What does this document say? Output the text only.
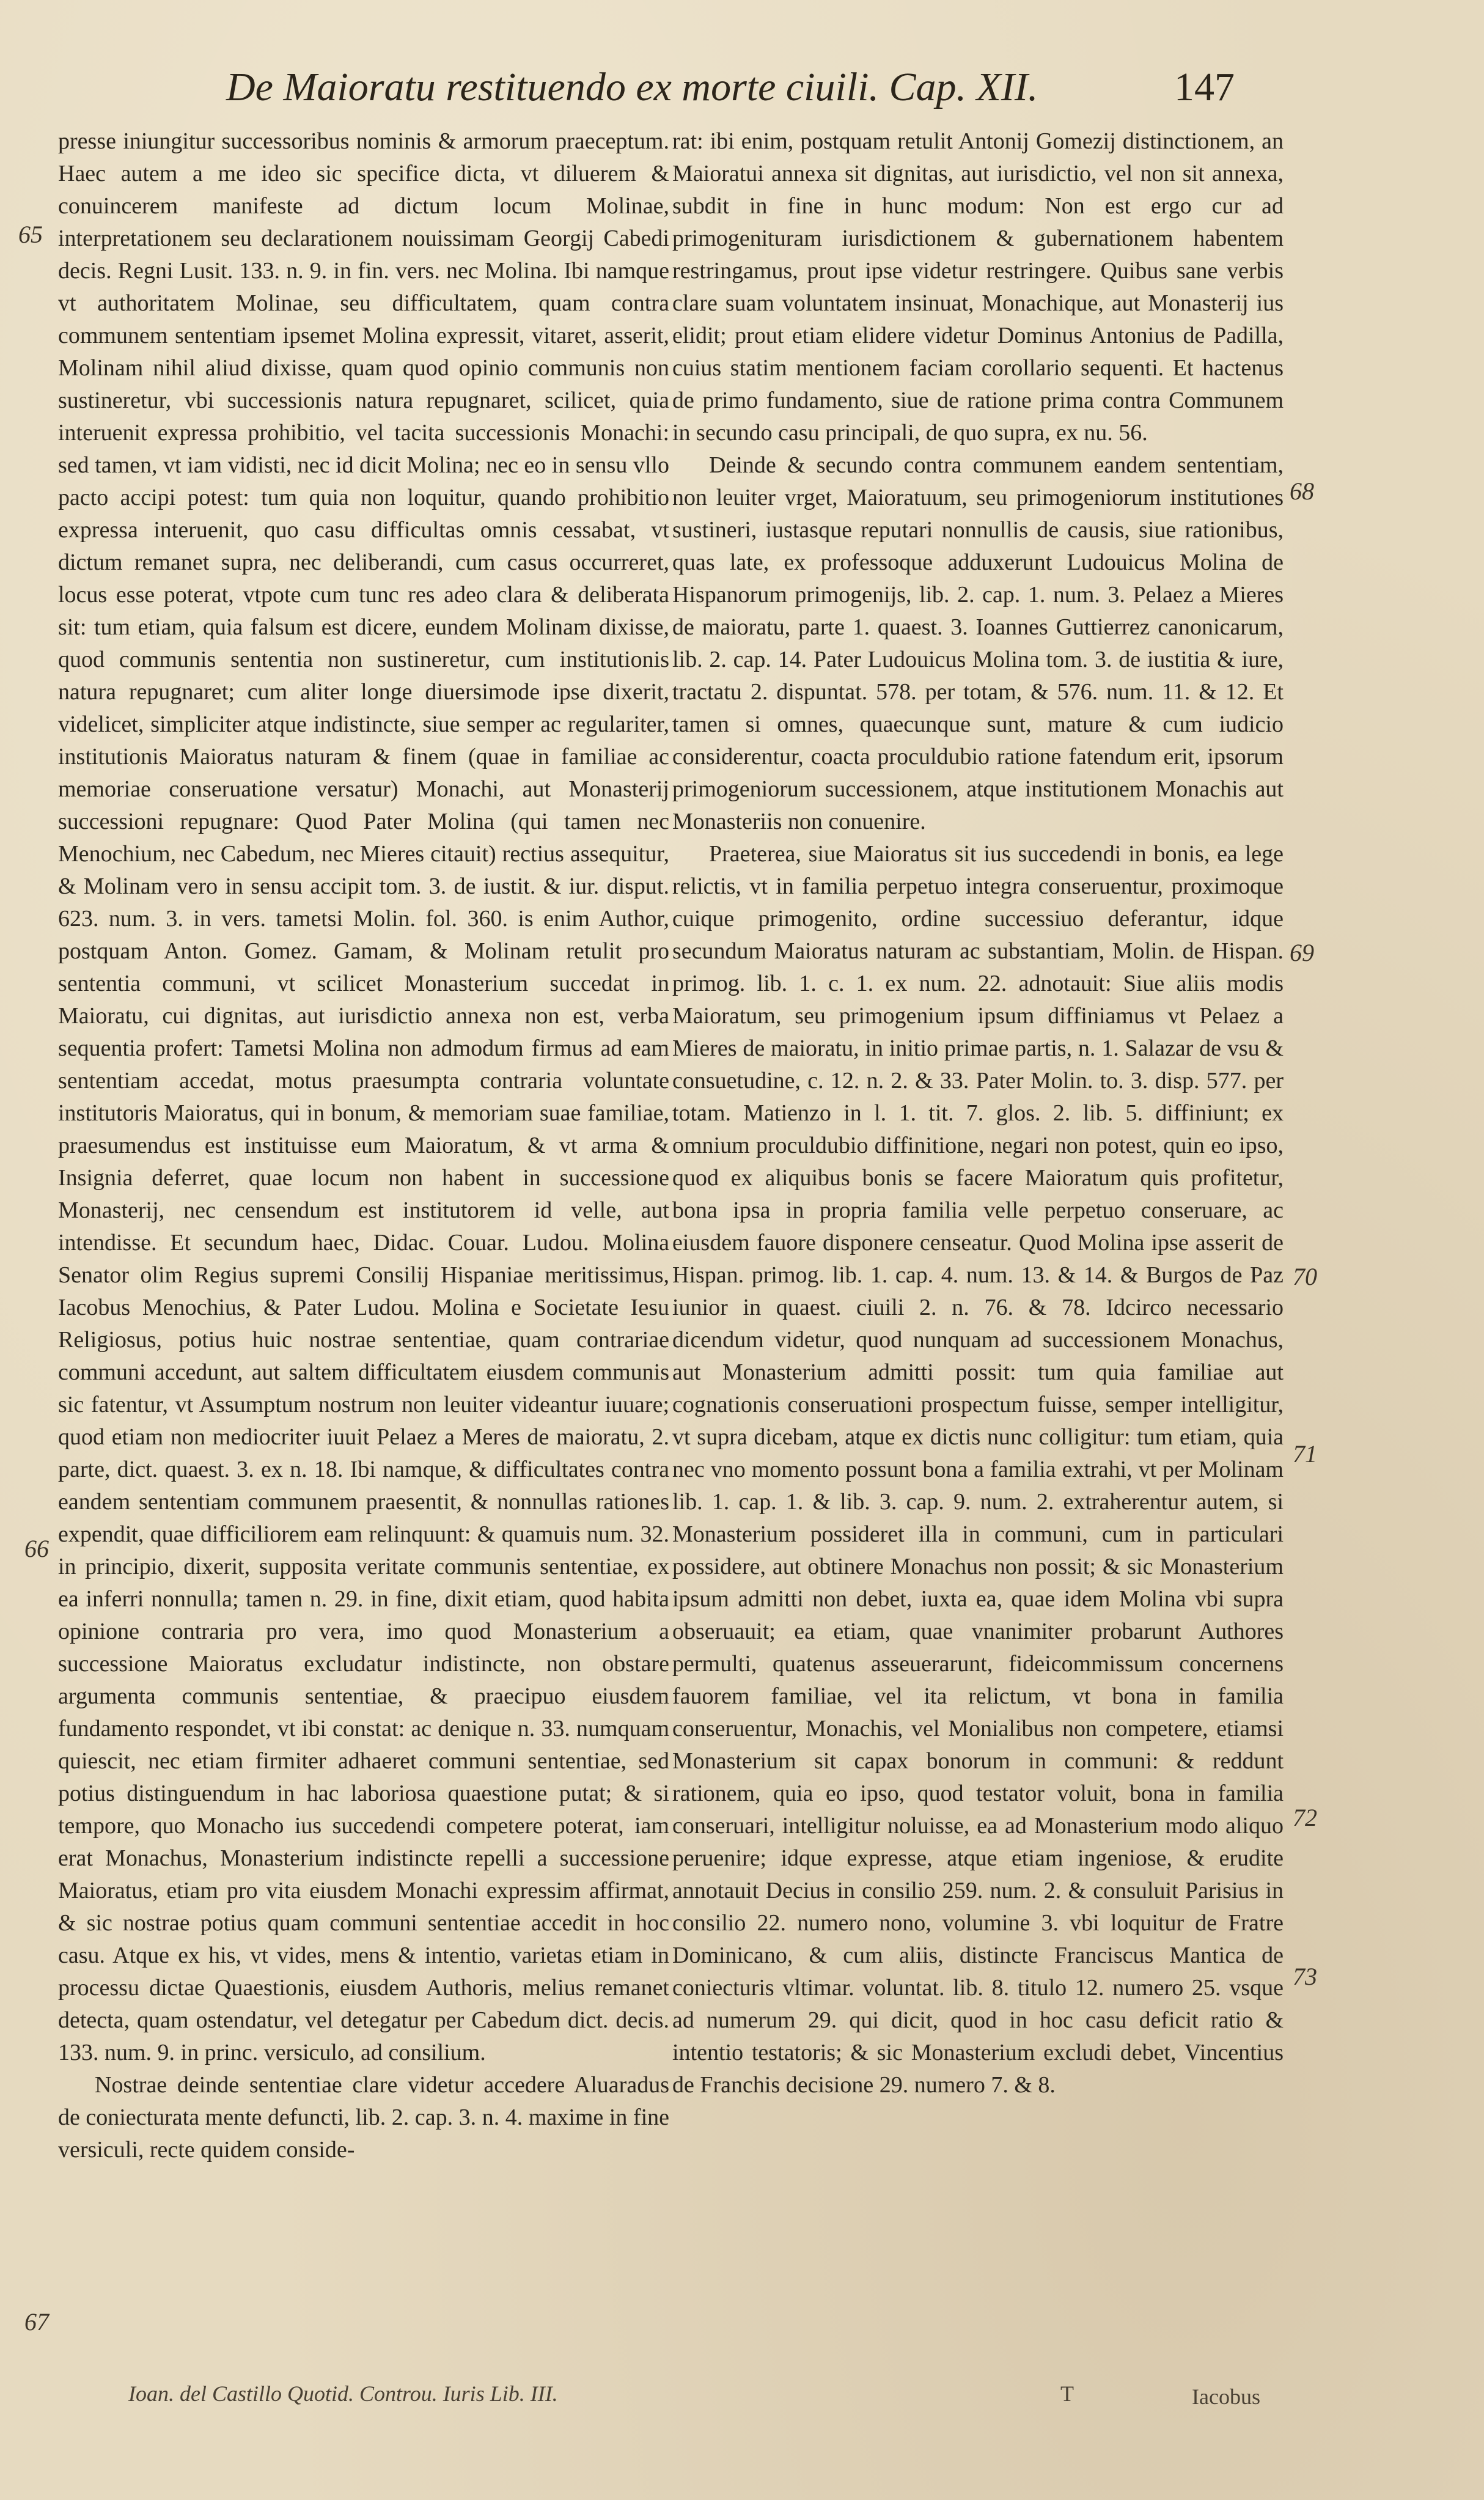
De Maioratu restituendo ex morte ciuili. Cap. XII.	147

presse iniungitur successoribus nominis & armorum praeceptum. Haec autem a me ideo sic specifice dicta, vt diluerem & conuincerem manifeste ad dictum locum Molinae, interpretationem seu declarationem nouissimam Georgij Cabedi decis. Regni Lusit. 133. n. 9. in fin. vers. nec Molina. Ibi namque vt authoritatem Molinae, seu difficultatem, quam contra communem sententiam ipsemet Molina expressit, vitaret, asserit, Molinam nihil aliud dixisse, quam quod opinio communis non sustineretur, vbi successionis natura repugnaret, scilicet, quia interuenit expressa prohibitio, vel tacita successionis Monachi: sed tamen, vt iam vidisti, nec id dicit Molina; nec eo in sensu vllo pacto accipi potest: tum quia non loquitur, quando prohibitio expressa interuenit, quo casu difficultas omnis cessabat, vt dictum remanet supra, nec deliberandi, cum casus occurreret, locus esse poterat, vtpote cum tunc res adeo clara & deliberata sit: tum etiam, quia falsum est dicere, eundem Molinam dixisse, quod communis sententia non sustineretur, cum institutionis natura repugnaret; cum aliter longe diuersimode ipse dixerit, videlicet, simpliciter atque indistincte, siue semper ac regulariter, institutionis Maioratus naturam & finem (quae in familiae ac memoriae conseruatione versatur) Monachi, aut Monasterij successioni repugnare: Quod Pater Molina (qui tamen nec Menochium, nec Cabedum, nec Mieres citauit) rectius assequitur, & Molinam vero in sensu accipit tom. 3. de iustit. & iur. disput. 623. num. 3. in vers. tametsi Molin. fol. 360. is enim Author, postquam Anton. Gomez. Gamam, & Molinam retulit pro sententia communi, vt scilicet Monasterium succedat in Maioratu, cui dignitas, aut iurisdictio annexa non est, verba sequentia profert: Tametsi Molina non admodum firmus ad eam sententiam accedat, motus praesumpta contraria voluntate institutoris Maioratus, qui in bonum, & memoriam suae familiae, praesumendus est instituisse eum Maioratum, & vt arma & Insignia deferret, quae locum non habent in successione Monasterij, nec censendum est institutorem id velle, aut intendisse. Et secundum haec, Didac. Couar. Ludou. Molina Senator olim Regius supremi Consilij Hispaniae meritissimus, Iacobus Menochius, & Pater Ludou. Molina e Societate Iesu Religiosus, potius huic nostrae sententiae, quam contrariae communi accedunt, aut saltem difficultatem eiusdem communis sic fatentur, vt Assumptum nostrum non leuiter videantur iuuare; quod etiam non mediocriter iuuit Pelaez a Meres de maioratu, 2. parte, dict. quaest. 3. ex n. 18. Ibi namque, & difficultates contra eandem sententiam communem praesentit, & nonnullas rationes expendit, quae difficiliorem eam relinquunt: & quamuis num. 32. in principio, dixerit, supposita veritate communis sententiae, ex ea inferri nonnulla; tamen n. 29. in fine, dixit etiam, quod habita opinione contraria pro vera, imo quod Monasterium a successione Maioratus excludatur indistincte, non obstare argumenta communis sententiae, & praecipuo eiusdem fundamento respondet, vt ibi constat: ac denique n. 33. numquam quiescit, nec etiam firmiter adhaeret communi sententiae, sed potius distinguendum in hac laboriosa quaestione putat; & si tempore, quo Monacho ius succedendi competere poterat, iam erat Monachus, Monasterium indistincte repelli a successione Maioratus, etiam pro vita eiusdem Monachi expressim affirmat, & sic nostrae potius quam communi sententiae accedit in hoc casu. Atque ex his, vt vides, mens & intentio, varietas etiam in processu dictae Quaestionis, eiusdem Authoris, melius remanet detecta, quam ostendatur, vel detegatur per Cabedum dict. decis. 133. num. 9. in princ. versiculo, ad consilium.

Nostrae deinde sententiae clare videtur accedere Aluaradus de coniecturata mente defuncti, lib. 2. cap. 3. n. 4. maxime in fine versiculi, recte quidem conside-

rat: ibi enim, postquam retulit Antonij Gomezij distinctionem, an Maioratui annexa sit dignitas, aut iurisdictio, vel non sit annexa, subdit in fine in hunc modum: Non est ergo cur ad primogenituram iurisdictionem & gubernationem habentem restringamus, prout ipse videtur restringere. Quibus sane verbis clare suam voluntatem insinuat, Monachique, aut Monasterij ius elidit; prout etiam elidere videtur Dominus Antonius de Padilla, cuius statim mentionem faciam corollario sequenti. Et hactenus de primo fundamento, siue de ratione prima contra Communem in secundo casu principali, de quo supra, ex nu. 56.

Deinde & secundo contra communem eandem sententiam, non leuiter vrget, Maioratuum, seu primogeniorum institutiones sustineri, iustasque reputari nonnullis de causis, siue rationibus, quas late, ex professoque adduxerunt Ludouicus Molina de Hispanorum primogenijs, lib. 2. cap. 1. num. 3. Pelaez a Mieres de maioratu, parte 1. quaest. 3. Ioannes Guttierrez canonicarum, lib. 2. cap. 14. Pater Ludouicus Molina tom. 3. de iustitia & iure, tractatu 2. dispuntat. 578. per totam, & 576. num. 11. & 12. Et tamen si omnes, quaecunque sunt, mature & cum iudicio considerentur, coacta proculdubio ratione fatendum erit, ipsorum primogeniorum successionem, atque institutionem Monachis aut Monasteriis non conuenire.

Praeterea, siue Maioratus sit ius succedendi in bonis, ea lege relictis, vt in familia perpetuo integra conseruentur, proximoque cuique primogenito, ordine successiuo deferantur, idque secundum Maioratus naturam ac substantiam, Molin. de Hispan. primog. lib. 1. c. 1. ex num. 22. adnotauit: Siue aliis modis Maioratum, seu primogenium ipsum diffiniamus vt Pelaez a Mieres de maioratu, in initio primae partis, n. 1. Salazar de vsu & consuetudine, c. 12. n. 2. & 33. Pater Molin. to. 3. disp. 577. per totam. Matienzo in l. 1. tit. 7. glos. 2. lib. 5. diffiniunt; ex omnium proculdubio diffinitione, negari non potest, quin eo ipso, quod ex aliquibus bonis se facere Maioratum quis profitetur, bona ipsa in propria familia velle perpetuo conseruare, ac eiusdem fauore disponere censeatur. Quod Molina ipse asserit de Hispan. primog. lib. 1. cap. 4. num. 13. & 14. & Burgos de Paz iunior in quaest. ciuili 2. n. 76. & 78. Idcirco necessario dicendum videtur, quod nunquam ad successionem Monachus, aut Monasterium admitti possit: tum quia familiae aut cognationis conseruationi prospectum fuisse, semper intelligitur, vt supra dicebam, atque ex dictis nunc colligitur: tum etiam, quia nec vno momento possunt bona a familia extrahi, vt per Molinam lib. 1. cap. 1. & lib. 3. cap. 9. num. 2. extraherentur autem, si Monasterium possideret illa in communi, cum in particulari possidere, aut obtinere Monachus non possit; & sic Monasterium ipsum admitti non debet, iuxta ea, quae idem Molina vbi supra obseruauit; ea etiam, quae vnanimiter probarunt Authores permulti, quatenus asseuerarunt, fideicommissum concernens fauorem familiae, vel ita relictum, vt bona in familia conseruentur, Monachis, vel Monialibus non competere, etiamsi Monasterium sit capax bonorum in communi: & reddunt rationem, quia eo ipso, quod testator voluit, bona in familia conseruari, intelligitur noluisse, ea ad Monasterium modo aliquo peruenire; idque expresse, atque etiam ingeniose, & erudite annotauit Decius in consilio 259. num. 2. & consuluit Parisius in consilio 22. numero nono, volumine 3. vbi loquitur de Fratre Dominicano, & cum aliis, distincte Franciscus Mantica de coniecturis vltimar. voluntat. lib. 8. titulo 12. numero 25. vsque ad numerum 29. qui dicit, quod in hoc casu deficit ratio & intentio testatoris; & sic Monasterium excludi debet, Vincentius de Franchis decisione 29. numero 7. & 8.

65
66
67
68
69
70
71
72
73
Ioan. del Castillo Quotid. Controu. Iuris Lib. III.	T	Iacobus
